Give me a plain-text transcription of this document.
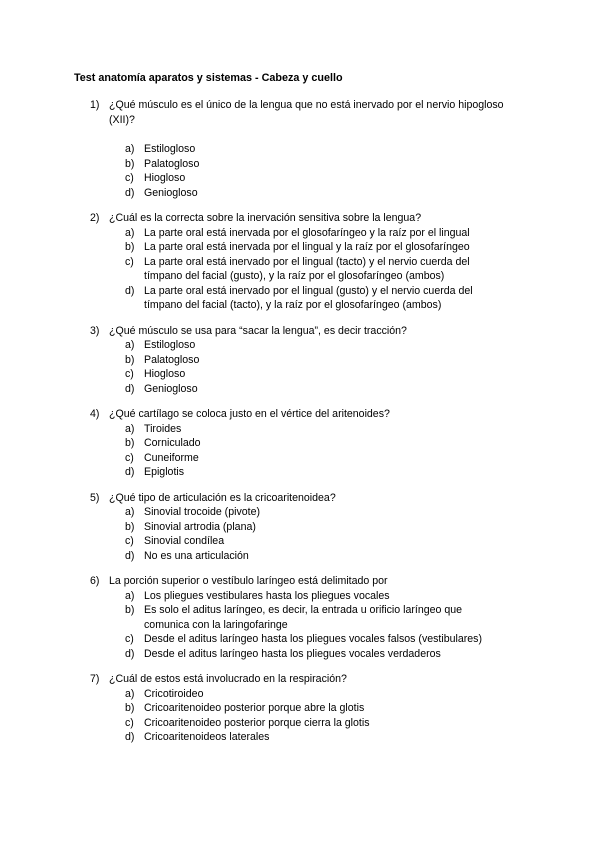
Test anatomía aparatos y sistemas - Cabeza y cuello
1) ¿Qué músculo es el único de la lengua que no está inervado por el nervio hipogloso (XII)?
a) Estilogloso
b) Palatogloso
c) Hiogloso
d) Geniogloso
2) ¿Cuál es la correcta sobre la inervación sensitiva sobre la lengua?
a) La parte oral está inervada por el glosofaríngeo y la raíz por el lingual
b) La parte oral está inervada por el lingual y la raíz por el glosofaríngeo
c) La parte oral está inervado por el lingual (tacto) y el nervio cuerda del tímpano del facial (gusto), y la raíz por el glosofaríngeo (ambos)
d) La parte oral está inervado por el lingual (gusto) y el nervio cuerda del tímpano del facial (tacto), y la raíz por el glosofaríngeo (ambos)
3) ¿Qué músculo se usa para “sacar la lengua”, es decir tracción?
a) Estilogloso
b) Palatogloso
c) Hiogloso
d) Geniogloso
4) ¿Qué cartílago se coloca justo en el vértice del aritenoides?
a) Tiroides
b) Corniculado
c) Cuneiforme
d) Epiglotis
5) ¿Qué tipo de articulación es la cricoaritenoidea?
a) Sinovial trocoide (pivote)
b) Sinovial artrodia (plana)
c) Sinovial condílea
d) No es una articulación
6) La porción superior o vestíbulo laríngeo está delimitado por
a) Los pliegues vestibulares hasta los pliegues vocales
b) Es solo el aditus laríngeo, es decir, la entrada u orificio laríngeo que comunica con la laringofaringe
c) Desde el aditus laríngeo hasta los pliegues vocales falsos (vestibulares)
d) Desde el aditus laríngeo hasta los pliegues vocales verdaderos
7) ¿Cuál de estos está involucrado en la respiración?
a) Cricotiroideo
b) Cricoaritenoideo posterior porque abre la glotis
c) Cricoaritenoideo posterior porque cierra la glotis
d) Cricoaritenoideos laterales
